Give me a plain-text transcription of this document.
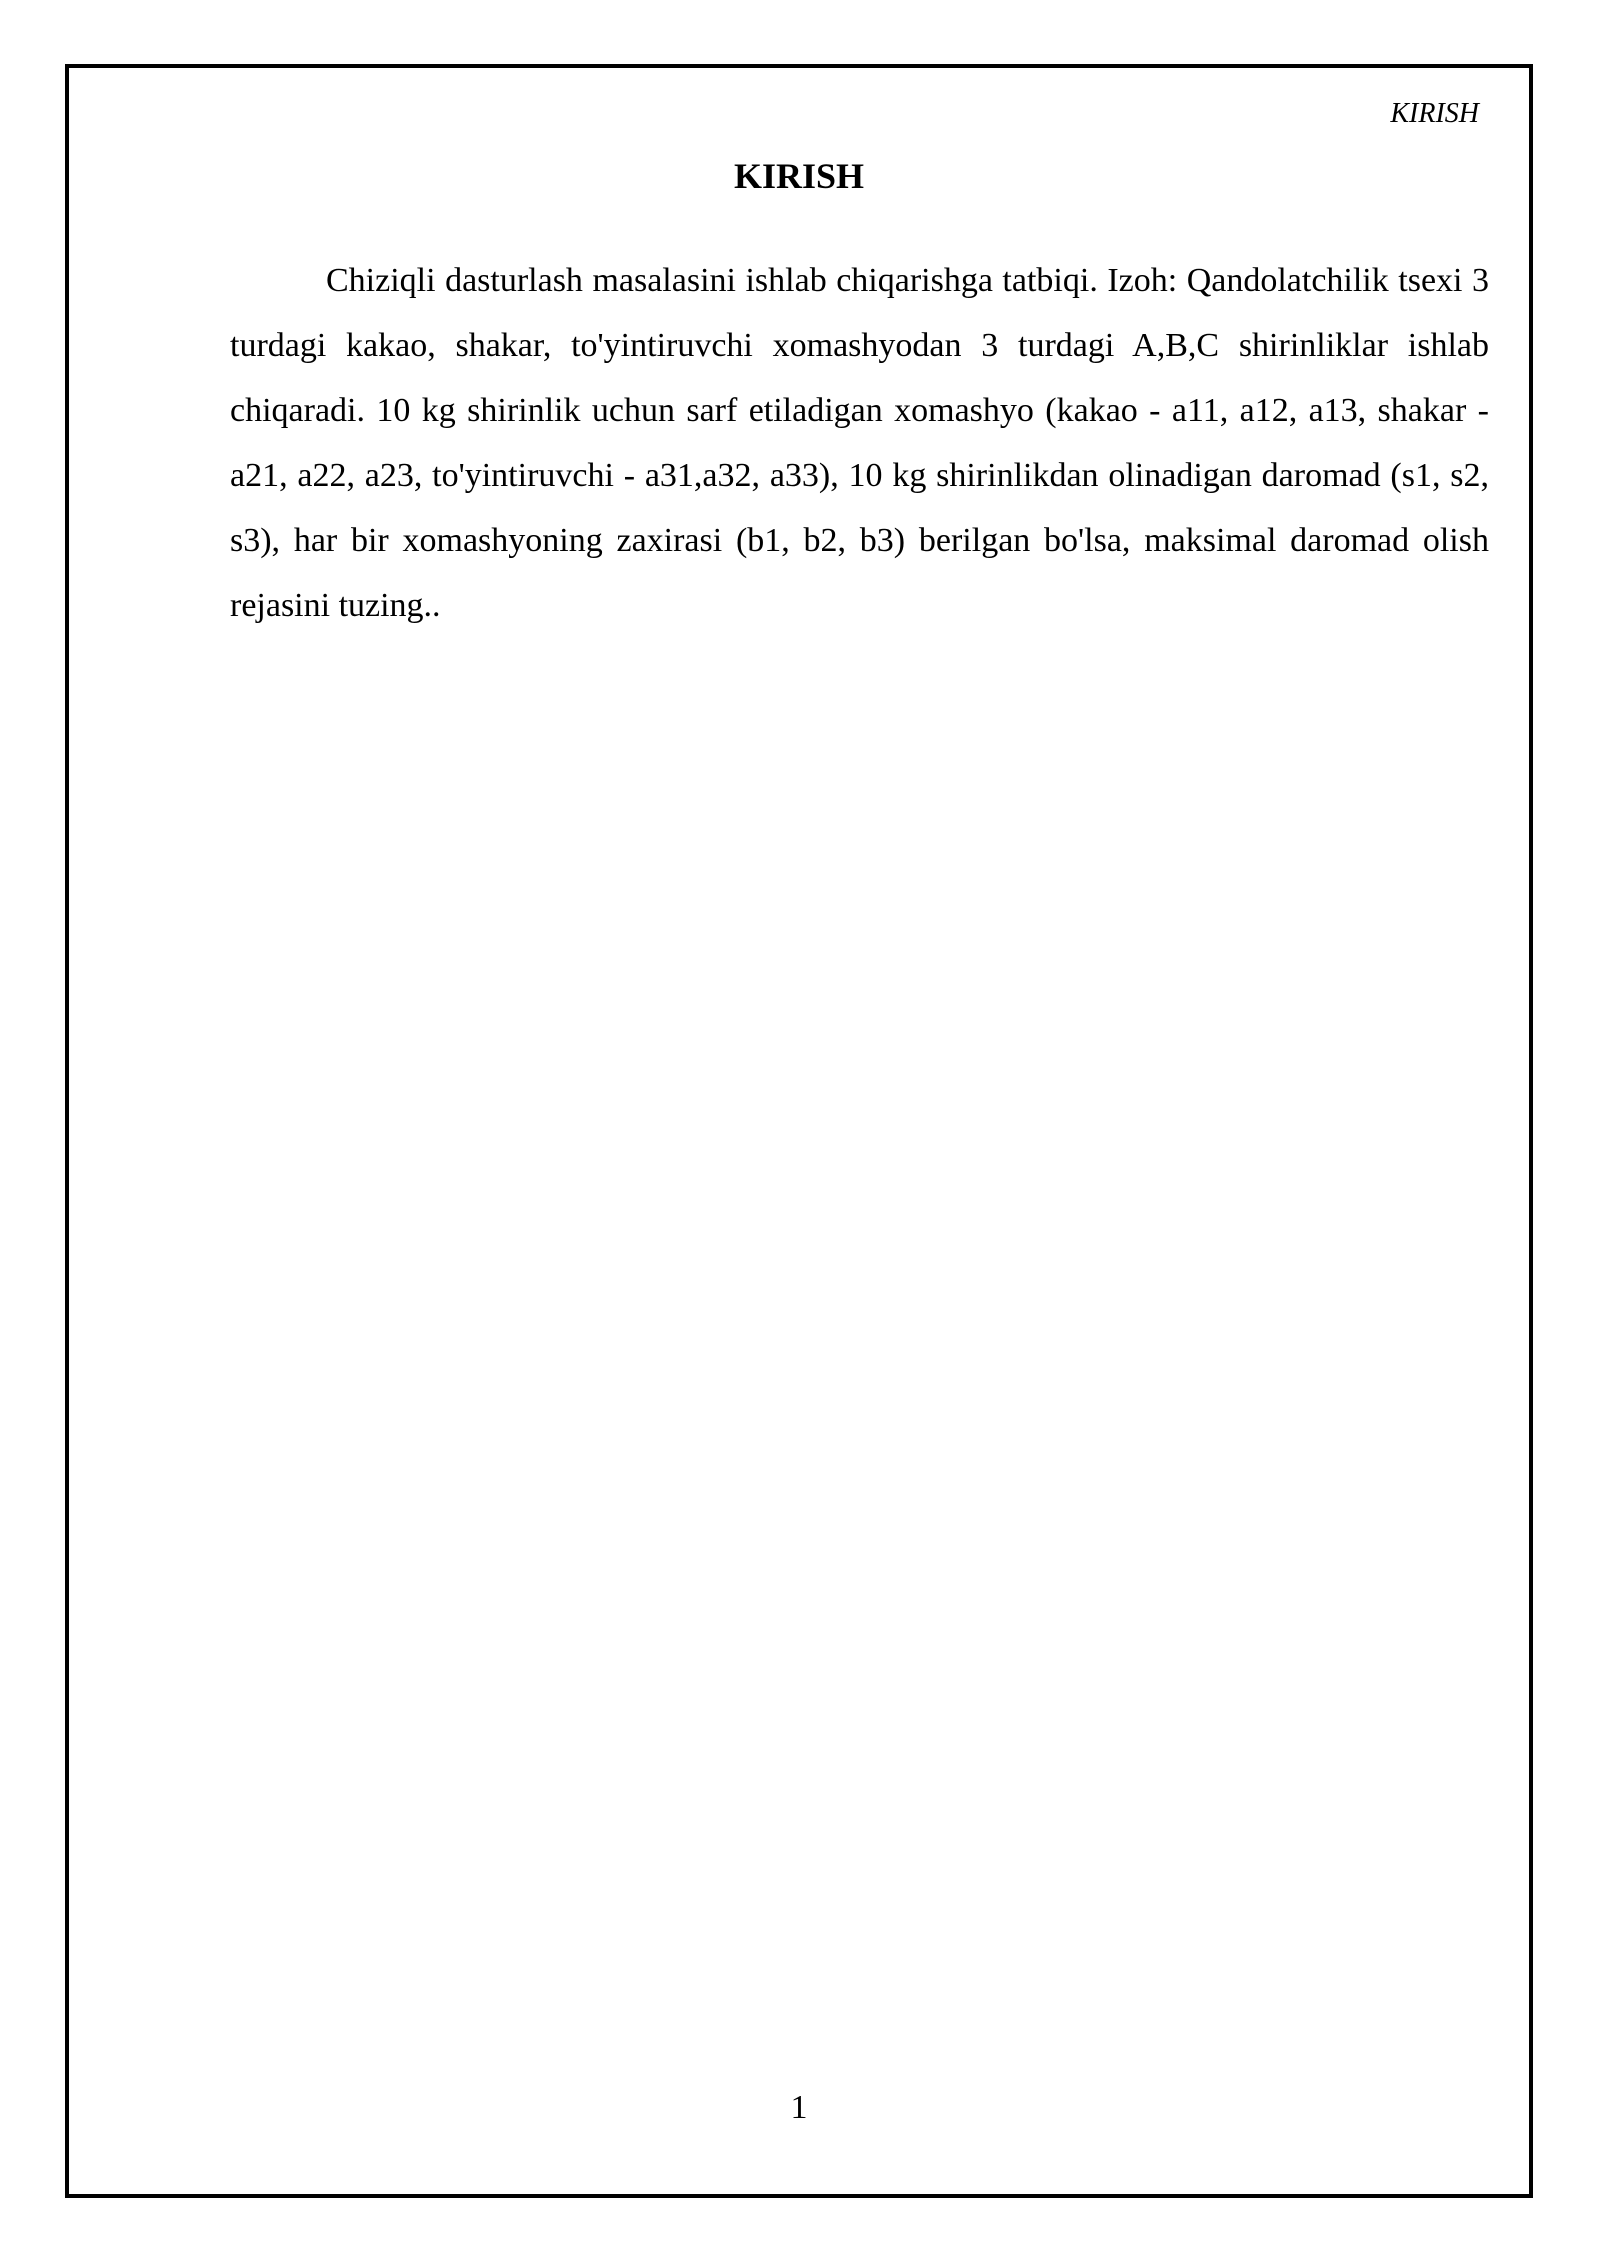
KIRISH
KIRISH

Chiziqli dasturlash masalasini ishlab chiqarishga tatbiqi. Izoh: Qandolatchilik tsexi 3 turdagi kakao, shakar, to'yintiruvchi xomashyodan 3 turdagi A,B,C shirinliklar ishlab chiqaradi. 10 kg shirinlik uchun sarf etiladigan xomashyo (kakao - a11, a12, a13, shakar - a21, a22, a23, to'yintiruvchi - a31,a32, a33), 10 kg shirinlikdan olinadigan daromad (s1, s2, s3), har bir xomashyoning zaxirasi (b1, b2, b3) berilgan bo'lsa, maksimal daromad olish rejasini tuzing..

1
